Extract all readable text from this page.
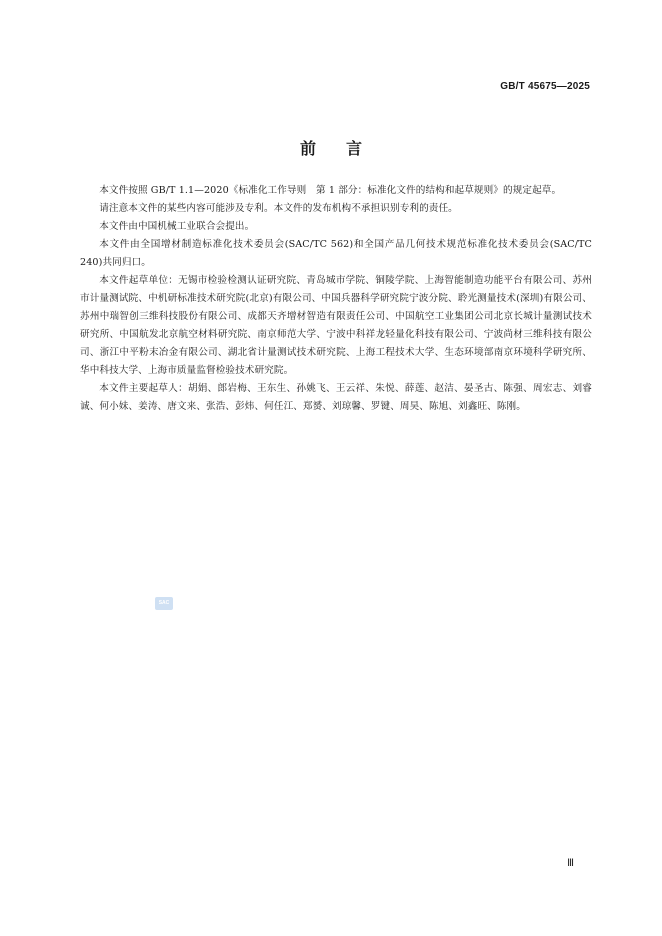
GB/T 45675—2025
前言

本文件按照 GB/T 1.1—2020《标准化工作导则　第 1 部分：标准化文件的结构和起草规则》的规定起草。

请注意本文件的某些内容可能涉及专利。本文件的发布机构不承担识别专利的责任。

本文件由中国机械工业联合会提出。

本文件由全国增材制造标准化技术委员会(SAC/TC 562)和全国产品几何技术规范标准化技术委员会(SAC/TC 240)共同归口。

本文件起草单位：无锡市检验检测认证研究院、青岛城市学院、铜陵学院、上海智能制造功能平台有限公司、苏州市计量测试院、中机研标准技术研究院(北京)有限公司、中国兵器科学研究院宁波分院、聆光测量技术(深圳)有限公司、苏州中瑞智创三维科技股份有限公司、成都天齐增材智造有限责任公司、中国航空工业集团公司北京长城计量测试技术研究所、中国航发北京航空材料研究院、南京师范大学、宁波中科祥龙轻量化科技有限公司、宁波尚材三维科技有限公司、浙江中平粉末冶金有限公司、湖北省计量测试技术研究院、上海工程技术大学、生态环境部南京环境科学研究所、华中科技大学、上海市质量监督检验技术研究院。

本文件主要起草人：胡娟、郎岩梅、王东生、孙姚飞、王云祥、朱悦、薛莲、赵洁、晏圣古、陈强、周宏志、刘睿诚、何小妹、姜涛、唐文来、张浩、彭炜、何任江、郑赟、刘琼馨、罗键、周昊、陈旭、刘鑫旺、陈刚。

SAC
Ⅲ
